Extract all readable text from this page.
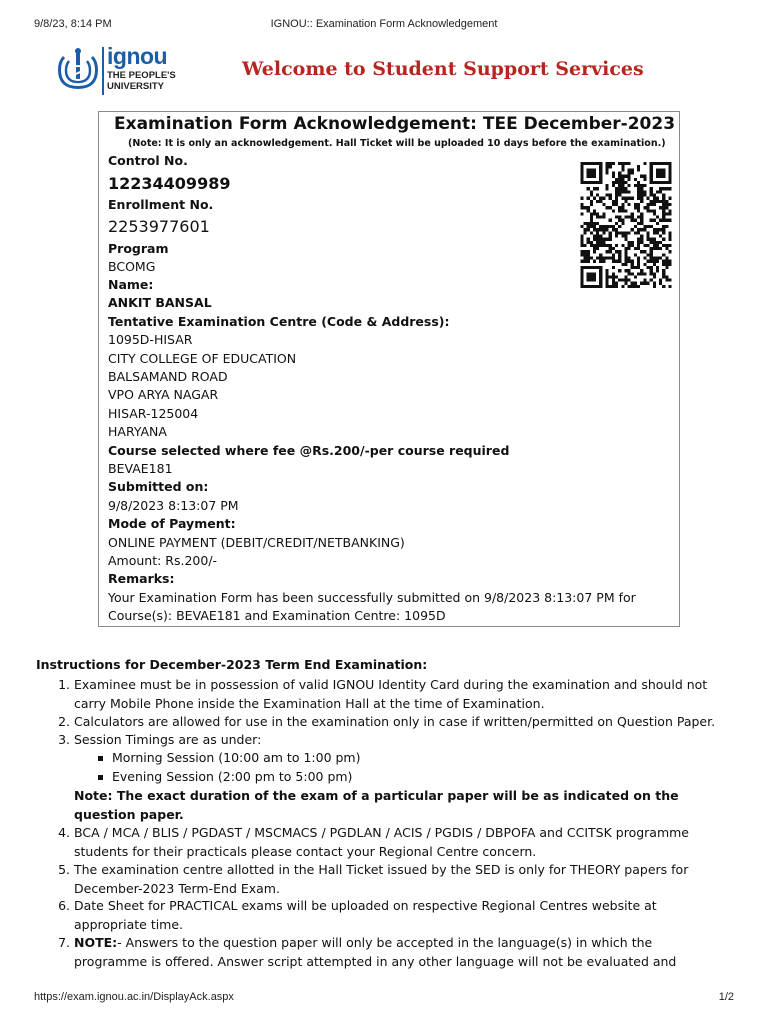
9/8/23, 8:14 PM	IGNOU:: Examination Form Acknowledgement
ignou
THE PEOPLE'S
UNIVERSITY
Welcome to Student Support Services
Examination Form Acknowledgement: TEE December-2023
(Note: It is only an acknowledgement. Hall Ticket will be uploaded 10 days before the examination.)
Control No.
12234409989
Enrollment No.
2253977601
Program
BCOMG
Name:
ANKIT BANSAL
Tentative Examination Centre (Code & Address):
1095D-HISAR
CITY COLLEGE OF EDUCATION
BALSAMAND ROAD
VPO ARYA NAGAR
HISAR-125004
HARYANA
Course selected where fee @Rs.200/-per course required
BEVAE181
Submitted on:
9/8/2023 8:13:07 PM
Mode of Payment:
ONLINE PAYMENT (DEBIT/CREDIT/NETBANKING)
Amount: Rs.200/-
Remarks:
Your Examination Form has been successfully submitted on 9/8/2023 8:13:07 PM for
Course(s): BEVAE181 and Examination Centre: 1095D
Instructions for December-2023 Term End Examination:
1. Examinee must be in possession of valid IGNOU Identity Card during the examination and should not
carry Mobile Phone inside the Examination Hall at the time of Examination.
2. Calculators are allowed for use in the examination only in case if written/permitted on Question Paper.
3. Session Timings are as under:
Morning Session (10:00 am to 1:00 pm)
Evening Session (2:00 pm to 5:00 pm)
Note: The exact duration of the exam of a particular paper will be as indicated on the
question paper.
4. BCA / MCA / BLIS / PGDAST / MSCMACS / PGDLAN / ACIS / PGDIS / DBPOFA and CCITSK programme
students for their practicals please contact your Regional Centre concern.
5. The examination centre allotted in the Hall Ticket issued by the SED is only for THEORY papers for
December-2023 Term-End Exam.
6. Date Sheet for PRACTICAL exams will be uploaded on respective Regional Centres website at
appropriate time.
7. NOTE:- Answers to the question paper will only be accepted in the language(s) in which the
programme is offered. Answer script attempted in any other language will not be evaluated and
https://exam.ignou.ac.in/DisplayAck.aspx	1/2
